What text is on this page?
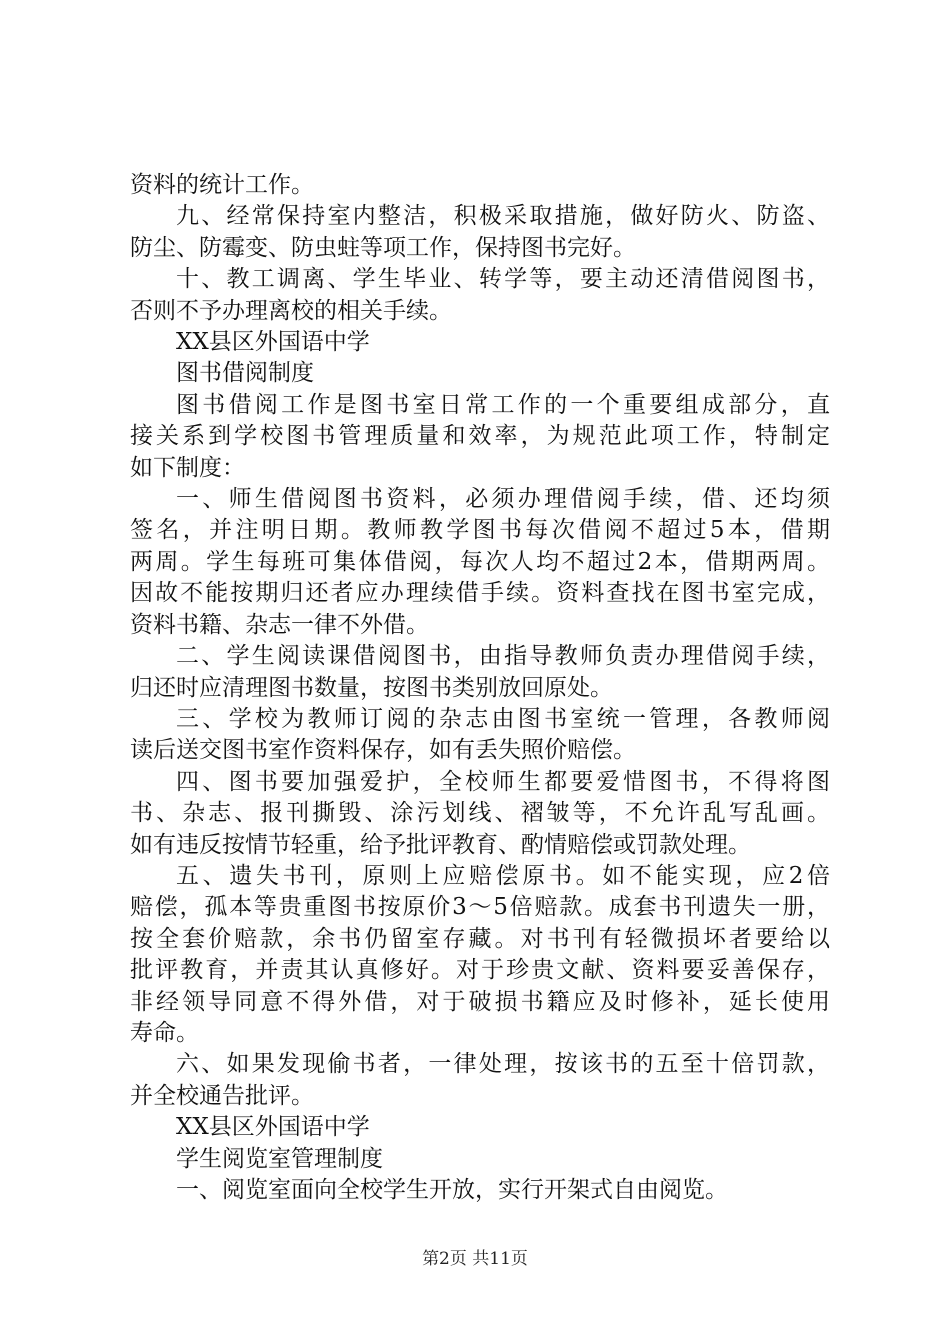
资料的统计工作。
九、经常保持室内整洁，积极采取措施，做好防火、防盗、
防尘、防霉变、防虫蛀等项工作，保持图书完好。
十、教工调离、学生毕业、转学等，要主动还清借阅图书，
否则不予办理离校的相关手续。
XX县区外国语中学
图书借阅制度
图书借阅工作是图书室日常工作的一个重要组成部分，直
接关系到学校图书管理质量和效率，为规范此项工作，特制定
如下制度：
一、师生借阅图书资料，必须办理借阅手续，借、还均须
签名，并注明日期。教师教学图书每次借阅不超过5本，借期
两周。学生每班可集体借阅，每次人均不超过2本，借期两周。
因故不能按期归还者应办理续借手续。资料查找在图书室完成，
资料书籍、杂志一律不外借。
二、学生阅读课借阅图书，由指导教师负责办理借阅手续，
归还时应清理图书数量，按图书类别放回原处。
三、学校为教师订阅的杂志由图书室统一管理，各教师阅
读后送交图书室作资料保存，如有丢失照价赔偿。
四、图书要加强爱护，全校师生都要爱惜图书，不得将图
书、杂志、报刊撕毁、涂污划线、褶皱等，不允许乱写乱画。
如有违反按情节轻重，给予批评教育、酌情赔偿或罚款处理。
五、遗失书刊，原则上应赔偿原书。如不能实现，应2倍
赔偿，孤本等贵重图书按原价3～5倍赔款。成套书刊遗失一册，
按全套价赔款，余书仍留室存藏。对书刊有轻微损坏者要给以
批评教育，并责其认真修好。对于珍贵文献、资料要妥善保存，
非经领导同意不得外借，对于破损书籍应及时修补，延长使用
寿命。
六、如果发现偷书者，一律处理，按该书的五至十倍罚款，
并全校通告批评。
XX县区外国语中学
学生阅览室管理制度
一、阅览室面向全校学生开放，实行开架式自由阅览。
第2页 共11页
